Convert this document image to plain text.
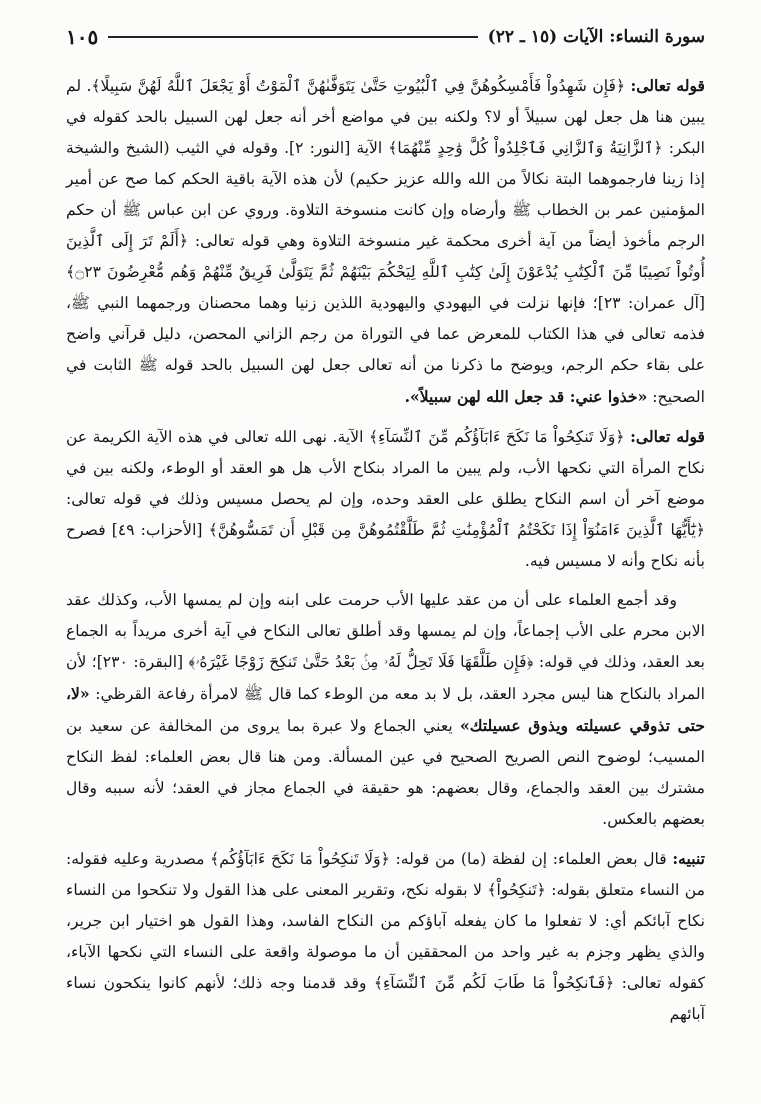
سورة النساء: الآيات (١٥ ـ ٢٢)
١٠٥

قوله تعالى: ﴿فَإِن شَهِدُواْ فَأَمْسِكُوهُنَّ فِي ٱلْبُيُوتِ حَتَّىٰ يَتَوَفَّىٰهُنَّ ٱلْمَوْتُ أَوْ يَجْعَلَ ٱللَّهُ لَهُنَّ سَبِيلًا﴾. لم يبين هنا هل جعل لهن سبيلاً أو لا؟ ولكنه بين في مواضع أخر أنه جعل لهن السبيل بالحد كقوله في البكر: ﴿ٱلزَّانِيَةُ وَٱلزَّانِي فَٱجْلِدُواْ كُلَّ وَٰحِدٍ مِّنْهُمَا﴾ الآية [النور: ٢]. وقوله في الثيب (الشيخ والشيخة إذا زينا فارجموهما البتة نكالاً من الله والله عزيز حكيم) لأن هذه الآية باقية الحكم كما صح عن أمير المؤمنين عمر بن الخطاب ﷺ وأرضاه وإن كانت منسوخة التلاوة. وروي عن ابن عباس ﷺ أن حكم الرجم مأخوذ أيضاً من آية أخرى محكمة غير منسوخة التلاوة وهي قوله تعالى: ﴿أَلَمْ تَرَ إِلَى ٱلَّذِينَ أُوتُواْ نَصِيبًا مِّنَ ٱلْكِتَٰبِ يُدْعَوْنَ إِلَىٰ كِتَٰبِ ٱللَّهِ لِيَحْكُمَ بَيْنَهُمْ ثُمَّ يَتَوَلَّىٰ فَرِيقٌ مِّنْهُمْ وَهُم مُّعْرِضُونَ ۝٢٣﴾ [آل عمران: ٢٣]؛ فإنها نزلت في اليهودي واليهودية اللذين زنيا وهما محصنان ورجمهما النبي ﷺ، فذمه تعالى في هذا الكتاب للمعرض عما في التوراة من رجم الزاني المحصن، دليل قرآني واضح على بقاء حكم الرجم، ويوضح ما ذكرنا من أنه تعالى جعل لهن السبيل بالحد قوله ﷺ الثابت في الصحيح: «خذوا عني: قد جعل الله لهن سبيلاً».

قوله تعالى: ﴿وَلَا تَنكِحُواْ مَا نَكَحَ ءَابَآؤُكُم مِّنَ ٱلنِّسَآءِ﴾ الآية. نهى الله تعالى في هذه الآية الكريمة عن نكاح المرأة التي نكحها الأب، ولم يبين ما المراد بنكاح الأب هل هو العقد أو الوطء، ولكنه بين في موضع آخر أن اسم النكاح يطلق على العقد وحده، وإن لم يحصل مسيس وذلك في قوله تعالى: ﴿يَٰٓأَيُّهَا ٱلَّذِينَ ءَامَنُوٓاْ إِذَا نَكَحْتُمُ ٱلْمُؤْمِنَٰتِ ثُمَّ طَلَّقْتُمُوهُنَّ مِن قَبْلِ أَن تَمَسُّوهُنَّ﴾ [الأحزاب: ٤٩] فصرح بأنه نكاح وأنه لا مسيس فيه.

وقد أجمع العلماء على أن من عقد عليها الأب حرمت على ابنه وإن لم يمسها الأب، وكذلك عقد الابن محرم على الأب إجماعاً، وإن لم يمسها وقد أطلق تعالى النكاح في آية أخرى مريداً به الجماع بعد العقد، وذلك في قوله: ﴿فَإِن طَلَّقَهَا فَلَا تَحِلُّ لَهُۥ مِنۢ بَعْدُ حَتَّىٰ تَنكِحَ زَوْجًا غَيْرَهُۥ﴾ [البقرة: ٢٣٠]؛ لأن المراد بالنكاح هنا ليس مجرد العقد، بل لا بد معه من الوطء كما قال ﷺ لامرأة رفاعة القرظي: «لا، حتى تذوقي عسيلته ويذوق عسيلتك» يعني الجماع ولا عبرة بما يروى من المخالفة عن سعيد بن المسيب؛ لوضوح النص الصريح الصحيح في عين المسألة. ومن هنا قال بعض العلماء: لفظ النكاح مشترك بين العقد والجماع، وقال بعضهم: هو حقيقة في الجماع مجاز في العقد؛ لأنه سببه وقال بعضهم بالعكس.

تنبيه: قال بعض العلماء: إن لفظة (ما) من قوله: ﴿وَلَا تَنكِحُواْ مَا نَكَحَ ءَابَآؤُكُم﴾ مصدرية وعليه فقوله: من النساء متعلق بقوله: ﴿تَنكِحُواْ﴾ لا بقوله نكح، وتقرير المعنى على هذا القول ولا تنكحوا من النساء نكاح آبائكم أي: لا تفعلوا ما كان يفعله آباؤكم من النكاح الفاسد، وهذا القول هو اختيار ابن جرير، والذي يظهر وجزم به غير واحد من المحققين أن ما موصولة واقعة على النساء التي نكحها الآباء، كقوله تعالى: ﴿فَٱنكِحُواْ مَا طَابَ لَكُم مِّنَ ٱلنِّسَآءِ﴾ وقد قدمنا وجه ذلك؛ لأنهم كانوا ينكحون نساء آبائهم
